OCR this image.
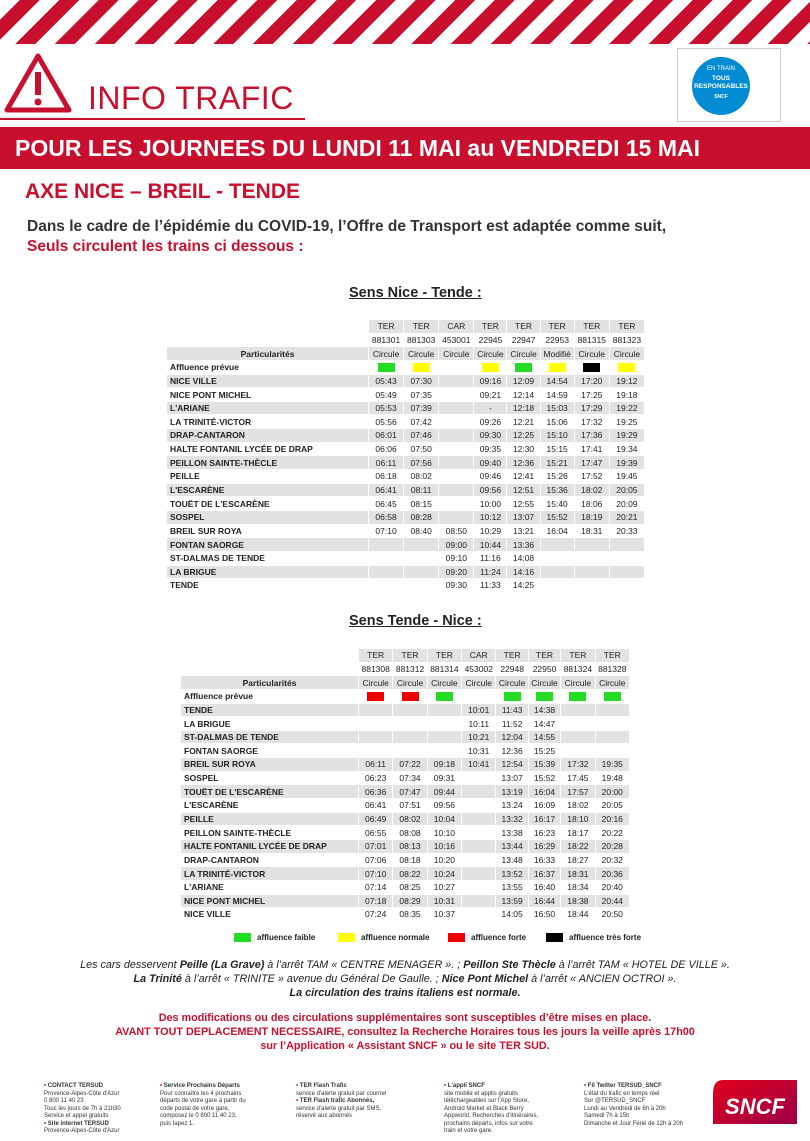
INFO TRAFIC
EN TRAIN
TOUS RESPONSABLES
SNCF
POUR LES JOURNEES DU LUNDI 11 MAI au VENDREDI 15 MAI
AXE NICE – BREIL - TENDE
Dans le cadre de l’épidémie du COVID-19, l’Offre de Transport est adaptée comme suit,
Seuls circulent les trains ci dessous :
Sens Nice - Tende :
	TER	TER	CAR	TER	TER	TER	TER	TER
	881301	881303	453001	22945	22947	22953	881315	881323
Particularités	Circule	Circule	Circule	Circule	Circule	Modifié	Circule	Circule
Affluence prévue								
NICE VILLE	05:43	07:30		09:16	12:09	14:54	17:20	19:12
NICE PONT MICHEL	05:49	07:35		09:21	12:14	14:59	17:25	19:18
L'ARIANE	05:53	07:39		-	12:18	15:03	17:29	19:22
LA TRINITÉ-VICTOR	05:56	07:42		09:26	12:21	15:06	17:32	19:25
DRAP-CANTARON	06:01	07:46		09:30	12:25	15:10	17:36	19:29
HALTE FONTANIL LYCÉE DE DRAP	06:06	07:50		09:35	12:30	15:15	17:41	19:34
PEILLON SAINTE-THÈCLE	06:11	07:56		09:40	12:36	15:21	17:47	19:39
PEILLE	06:18	08:02		09:46	12:41	15:26	17:52	19:45
L'ESCARÈNE	06:41	08:11		09:56	12:51	15:36	18:02	20:05
TOUËT DE L'ESCARÈNE	06:45	08:15		10:00	12:55	15:40	18:06	20:09
SOSPEL	06:58	08:28		10:12	13:07	15:52	18:19	20:21
BREIL SUR ROYA	07:10	08:40	08:50	10:29	13:21	16:04	18:31	20:33
FONTAN SAORGE			09:00	10:44	13:36			
ST-DALMAS DE TENDE			09:10	11:16	14:08			
LA BRIGUE			09:20	11:24	14:16			
TENDE			09:30	11:33	14:25			
Sens Tende - Nice :
	TER	TER	TER	CAR	TER	TER	TER	TER
	881308	881312	881314	453002	22948	22950	881324	881328
Particularités	Circule	Circule	Circule	Circule	Circule	Circule	Circule	Circule
Affluence prévue								
TENDE				10:01	11:43	14:38		
LA BRIGUE				10:11	11:52	14:47		
ST-DALMAS DE TENDE				10:21	12:04	14:55		
FONTAN SAORGE				10:31	12:36	15:25		
BREIL SUR ROYA	06:11	07:22	09:18	10:41	12:54	15:39	17:32	19:35
SOSPEL	06:23	07:34	09:31		13:07	15:52	17:45	19:48
TOUËT DE L'ESCARÈNE	06:36	07:47	09:44		13:19	16:04	17:57	20:00
L'ESCARÈNE	06:41	07:51	09:56		13:24	16:09	18:02	20:05
PEILLE	06:49	08:02	10:04		13:32	16:17	18:10	20:16
PEILLON SAINTE-THÈCLE	06:55	08:08	10:10		13:38	16:23	18:17	20:22
HALTE FONTANIL LYCÉE DE DRAP	07:01	08:13	10:16		13:44	16:29	18:22	20:28
DRAP-CANTARON	07:06	08:18	10:20		13:48	16:33	18:27	20:32
LA TRINITÉ-VICTOR	07:10	08:22	10:24		13:52	16:37	18:31	20:36
L'ARIANE	07:14	08:25	10:27		13:55	16:40	18:34	20:40
NICE PONT MICHEL	07:18	08:29	10:31		13:59	16:44	18:38	20:44
NICE VILLE	07:24	08:35	10:37		14:05	16:50	18:44	20:50
affluence faible	affluence normale	affluence forte	affluence très forte
Les cars desservent Peille (La Grave) à l’arrêt TAM « CENTRE MENAGER ». ; Peillon Ste Thècle à l’arrêt TAM « HOTEL DE VILLE ».
La Trinité à l’arrêt « TRINITE » avenue du Général De Gaulle. ; Nice Pont Michel à l’arrêt « ANCIEN OCTROI ».
La circulation des trains italiens est normale.
Des modifications ou des circulations supplémentaires sont susceptibles d’être mises en place.
AVANT TOUT DEPLACEMENT NECESSAIRE, consultez la Recherche Horaires tous les jours la veille après 17h00
sur l’Application « Assistant SNCF » ou le site TER SUD.
• CONTACT TERSUD
Provence-Alpes-Côte d'Azur
0 800 11 40 23
Tous les jours de 7h à 21h30
Service et appel gratuits
• Site internet TERSUD
Provence-Alpes-Côte d'Azur
• Service Prochains Départs
Pour connaître les 4 prochains
départs de votre gare à partir du
code postal de votre gare,
composez le 0 800 11 40 23,
puis tapez 1.
• TER Flash Trafic
service d'alerte gratuit par courriel
• TER Flash trafic Abonnés,
service d'alerte gratuit par SMS,
réservé aux abonnés
• L'appli SNCF
site mobile et applis gratuits
téléchargeables sur l'App Store,
Android Market et Black Berry
Appworld. Recherches d'itinéraires,
prochains départs, infos sur votre
train et votre gare.
• Fil Twitter TERSUD_SNCF
L'état du trafic en temps réel
Sur @TERSUD_SNCF
Lundi au Vendredi de 6h à 20h
Samedi 7h à 15h
Dimanche et Jour Férié de 12h à 20h
SNCF
